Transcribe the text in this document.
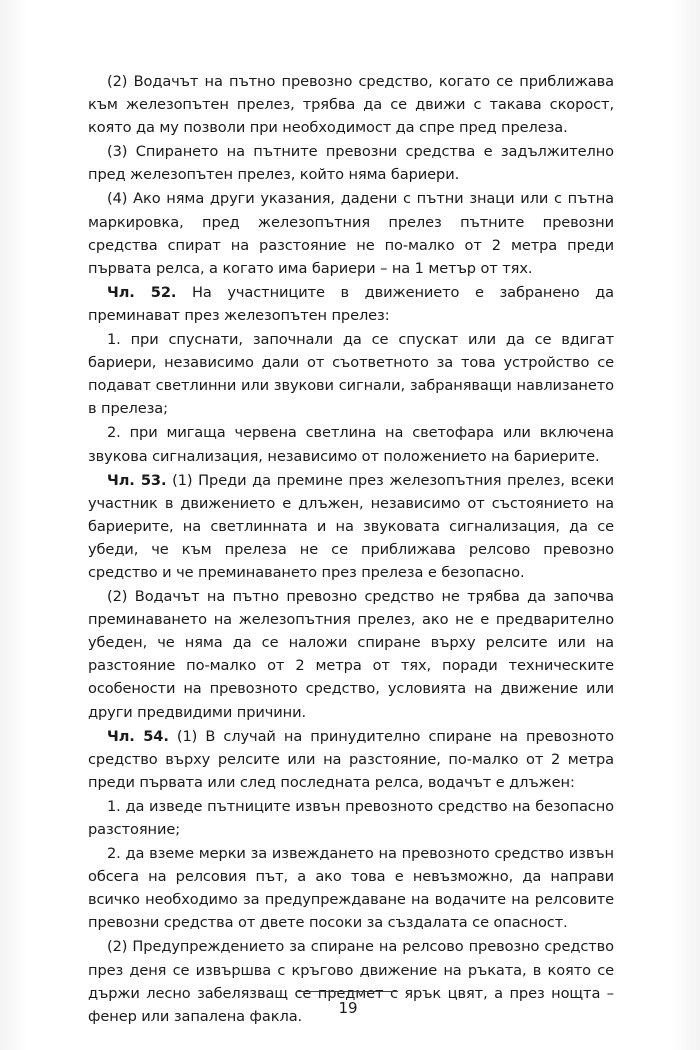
(2) Водачът на пътно превозно средство, когато се приближава към железопътен прелез, трябва да се движи с такава скорост, която да му позволи при необходимост да спре пред прелеза.

(3) Спирането на пътните превозни средства е задължително пред железопътен прелез, който няма бариери.

(4) Ако няма други указания, дадени с пътни знаци или с пътна маркировка, пред железопътния прелез пътните превозни средства спират на разстояние не по-малко от 2 метра преди първата релса, а когато има бариери – на 1 метър от тях.

Чл. 52. На участниците в движението е забранено да преминават през железопътен прелез:

1. при спуснати, започнали да се спускат или да се вдигат бариери, независимо дали от съответното за това устройство се подават светлинни или звукови сигнали, забраняващи навлизането в прелеза;

2. при мигаща червена светлина на светофара или включена звукова сигнализация, независимо от положението на бариерите.

Чл. 53. (1) Преди да премине през железопътния прелез, всеки участник в движението е длъжен, независимо от състоянието на бариерите, на светлинната и на звуковата сигнализация, да се убеди, че към прелеза не се приближава релсово превозно средство и че преминаването през прелеза е безопасно.

(2) Водачът на пътно превозно средство не трябва да започва преминаването на железопътния прелез, ако не е предварително убеден, че няма да се наложи спиране върху релсите или на разстояние по-малко от 2 метра от тях, поради техническите особености на превозното средство, условията на движение или други предвидими причини.

Чл. 54. (1) В случай на принудително спиране на превозното средство върху релсите или на разстояние, по-малко от 2 метра преди първата или след последната релса, водачът е длъжен:

1. да изведе пътниците извън превозното средство на безопасно разстояние;

2. да вземе мерки за извеждането на превозното средство извън обсега на релсовия път, а ако това е невъзможно, да направи всичко необходимо за предупреждаване на водачите на релсовите превозни средства от двете посоки за създалата се опасност.

(2) Предупреждението за спиране на релсово превозно средство през деня се извършва с кръгово движение на ръката, в която се държи лесно забелязващ се предмет с ярък цвят, а през нощта – фенер или запалена факла.	19
